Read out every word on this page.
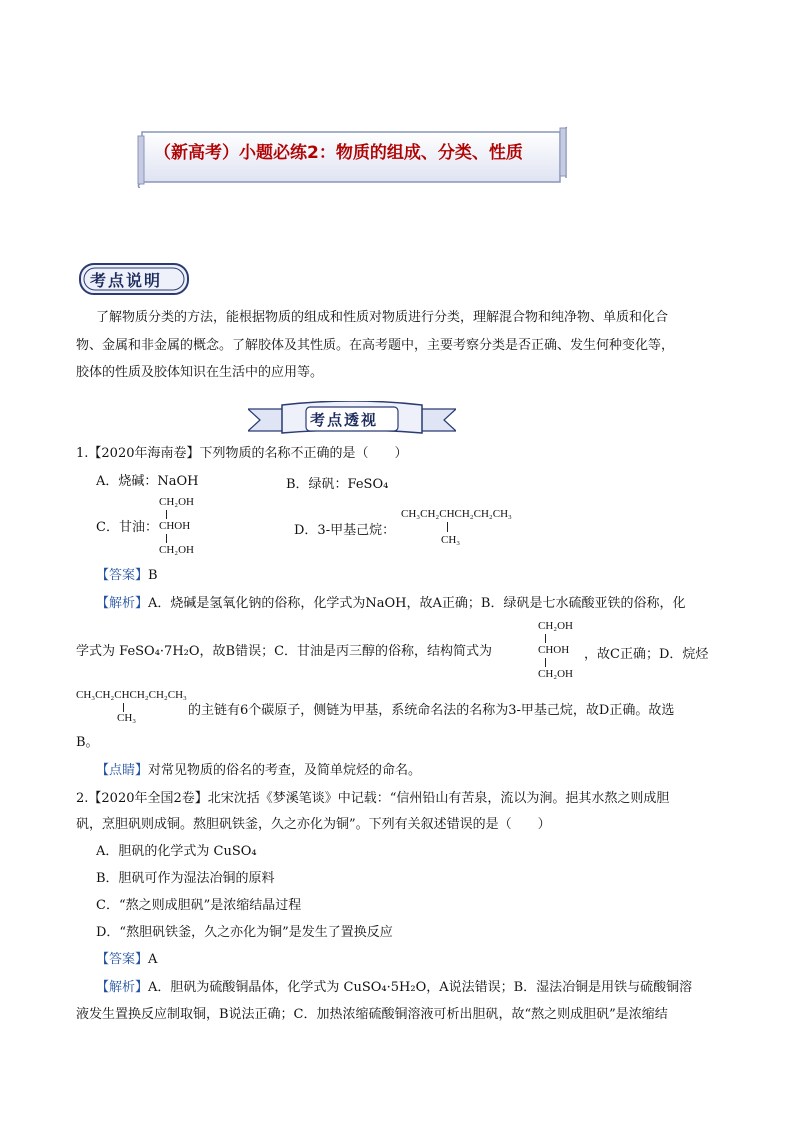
（新高考）小题必练2：物质的组成、分类、性质
考点说明
了解物质分类的方法，能根据物质的组成和性质对物质进行分类，理解混合物和纯净物、单质和化合
物、金属和非金属的概念。了解胶体及其性质。在高考题中，主要考察分类是否正确、发生何种变化等，
胶体的性质及胶体知识在生活中的应用等。
考点透视
1.【2020年海南卷】下列物质的名称不正确的是（　　）
A．烧碱：NaOH	B．绿矾：FeSO₄
C．甘油：
CH₂OH
CHOH
CH₂OH
D．3-甲基己烷：
CH₃CH₂CHCH₂CH₂CH₃
CH₃
【答案】B
【解析】A．烧碱是氢氧化钠的俗称，化学式为NaOH，故A正确；B．绿矾是七水硫酸亚铁的俗称，化
学式为 FeSO₄·7H₂O，故B错误；C．甘油是丙三醇的俗称，结构简式为
CH₂OH
CHOH
CH₂OH
，故C正确；D．烷烃
CH₃CH₂CHCH₂CH₂CH₃
CH₃	的主链有6个碳原子，侧链为甲基，系统命名法的名称为3-甲基己烷，故D正确。故选
B。
【点睛】对常见物质的俗名的考查，及简单烷烃的命名。
2.【2020年全国2卷】北宋沈括《梦溪笔谈》中记载：“信州铅山有苦泉，流以为涧。挹其水熬之则成胆
矾，烹胆矾则成铜。熬胆矾铁釜，久之亦化为铜”。下列有关叙述错误的是（　　）
A．胆矾的化学式为 CuSO₄
B．胆矾可作为湿法冶铜的原料
C．“熬之则成胆矾”是浓缩结晶过程
D．“熬胆矾铁釜，久之亦化为铜”是发生了置换反应
【答案】A
【解析】A．胆矾为硫酸铜晶体，化学式为 CuSO₄·5H₂O，A说法错误；B．湿法冶铜是用铁与硫酸铜溶
液发生置换反应制取铜，B说法正确；C．加热浓缩硫酸铜溶液可析出胆矾，故“熬之则成胆矾”是浓缩结
